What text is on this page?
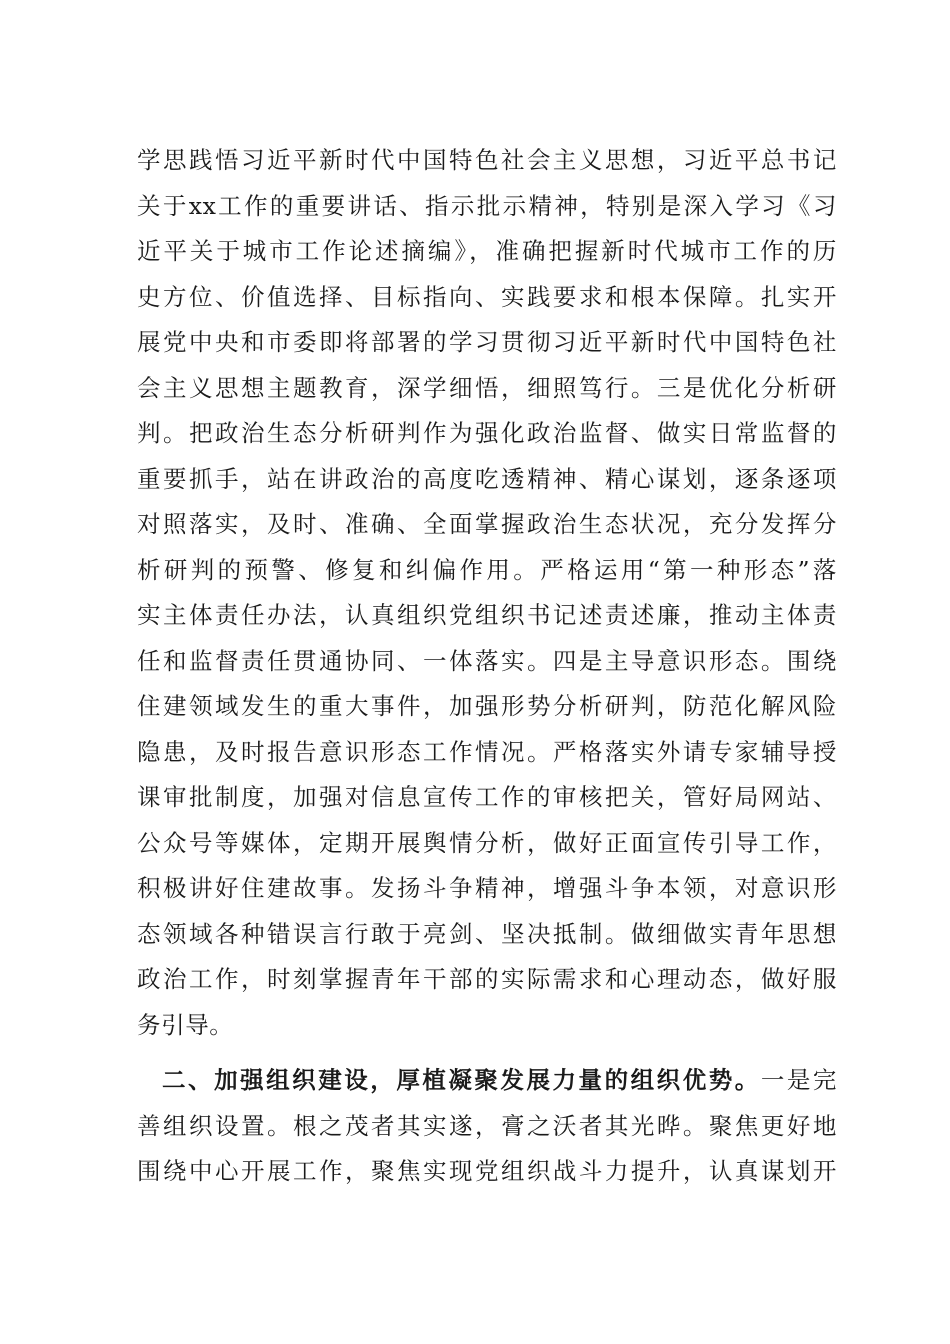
学思践悟习近平新时代中国特色社会主义思想，习近平总书记
关于xx工作的重要讲话、指示批示精神，特别是深入学习《习
近平关于城市工作论述摘编》，准确把握新时代城市工作的历
史方位、价值选择、目标指向、实践要求和根本保障。扎实开
展党中央和市委即将部署的学习贯彻习近平新时代中国特色社
会主义思想主题教育，深学细悟，细照笃行。三是优化分析研
判。把政治生态分析研判作为强化政治监督、做实日常监督的
重要抓手，站在讲政治的高度吃透精神、精心谋划，逐条逐项
对照落实，及时、准确、全面掌握政治生态状况，充分发挥分
析研判的预警、修复和纠偏作用。严格运用“第一种形态”落
实主体责任办法，认真组织党组织书记述责述廉，推动主体责
任和监督责任贯通协同、一体落实。四是主导意识形态。围绕
住建领域发生的重大事件，加强形势分析研判，防范化解风险
隐患，及时报告意识形态工作情况。严格落实外请专家辅导授
课审批制度，加强对信息宣传工作的审核把关，管好局网站、
公众号等媒体，定期开展舆情分析，做好正面宣传引导工作，
积极讲好住建故事。发扬斗争精神，增强斗争本领，对意识形
态领域各种错误言行敢于亮剑、坚决抵制。做细做实青年思想
政治工作，时刻掌握青年干部的实际需求和心理动态，做好服
务引导。
二、加强组织建设，厚植凝聚发展力量的组织优势。一是完
善组织设置。根之茂者其实遂，膏之沃者其光晔。聚焦更好地
围绕中心开展工作，聚焦实现党组织战斗力提升，认真谋划开
